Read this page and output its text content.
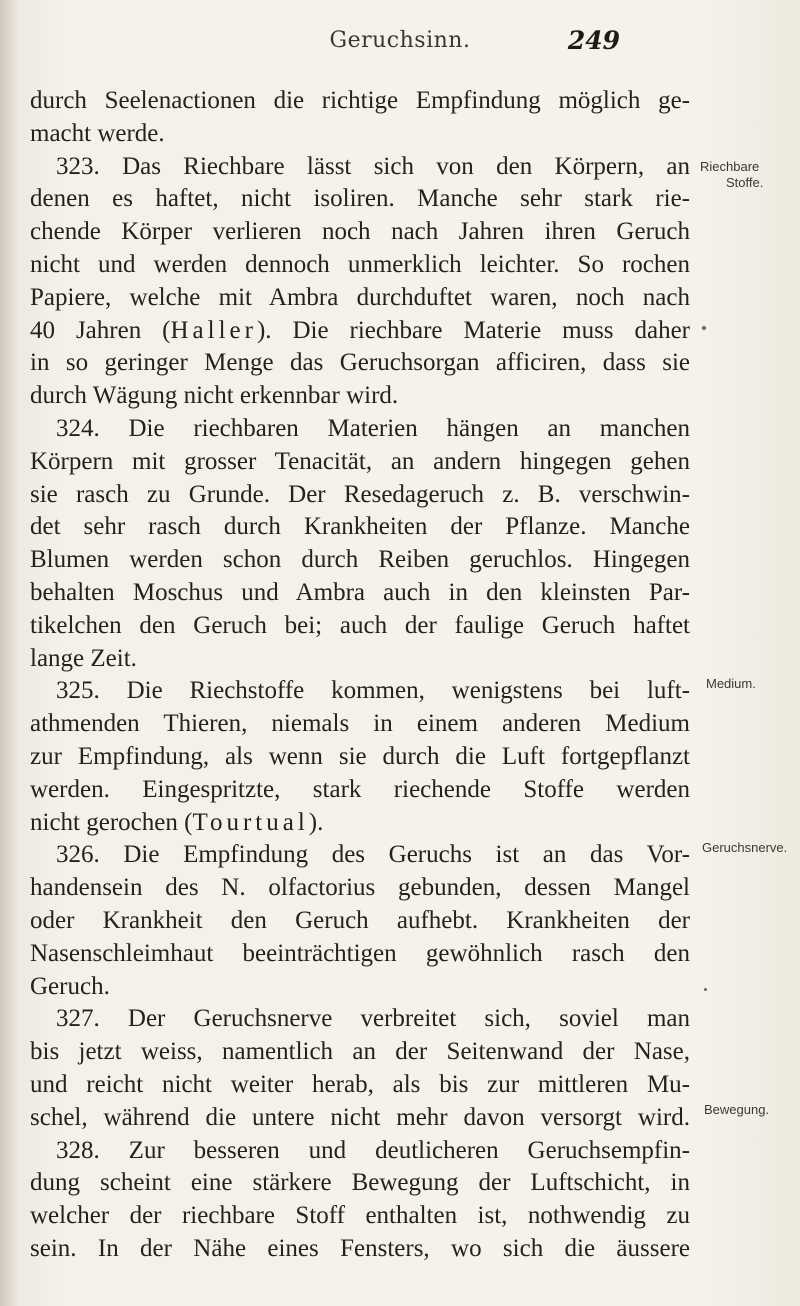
Geruchsinn.	249
durch Seelenactionen die richtige Empfindung möglich ge-
macht werde.
323. Das Riechbare lässt sich von den Körpern, an
denen es haftet, nicht isoliren. Manche sehr stark rie-
chende Körper verlieren noch nach Jahren ihren Geruch
nicht und werden dennoch unmerklich leichter. So rochen
Papiere, welche mit Ambra durchduftet waren, noch nach
40 Jahren (Haller). Die riechbare Materie muss daher
in so geringer Menge das Geruchsorgan afficiren, dass sie
durch Wägung nicht erkennbar wird.
324. Die riechbaren Materien hängen an manchen
Körpern mit grosser Tenacität, an andern hingegen gehen
sie rasch zu Grunde. Der Resedageruch z. B. verschwin-
det sehr rasch durch Krankheiten der Pflanze. Manche
Blumen werden schon durch Reiben geruchlos. Hingegen
behalten Moschus und Ambra auch in den kleinsten Par-
tikelchen den Geruch bei; auch der faulige Geruch haftet
lange Zeit.
325. Die Riechstoffe kommen, wenigstens bei luft-
athmenden Thieren, niemals in einem anderen Medium
zur Empfindung, als wenn sie durch die Luft fortgepflanzt
werden. Eingespritzte, stark riechende Stoffe werden
nicht gerochen (Tourtual).
326. Die Empfindung des Geruchs ist an das Vor-
handensein des N. olfactorius gebunden, dessen Mangel
oder Krankheit den Geruch aufhebt. Krankheiten der
Nasenschleimhaut beeinträchtigen gewöhnlich rasch den
Geruch.
327. Der Geruchsnerve verbreitet sich, soviel man
bis jetzt weiss, namentlich an der Seitenwand der Nase,
und reicht nicht weiter herab, als bis zur mittleren Mu-
schel, während die untere nicht mehr davon versorgt wird.
328. Zur besseren und deutlicheren Geruchsempfin-
dung scheint eine stärkere Bewegung der Luftschicht, in
welcher der riechbare Stoff enthalten ist, nothwendig zu
sein. In der Nähe eines Fensters, wo sich die äussere
Riechbare
Stoffe.
Medium.
Geruchsnerve.
Bewegung.
